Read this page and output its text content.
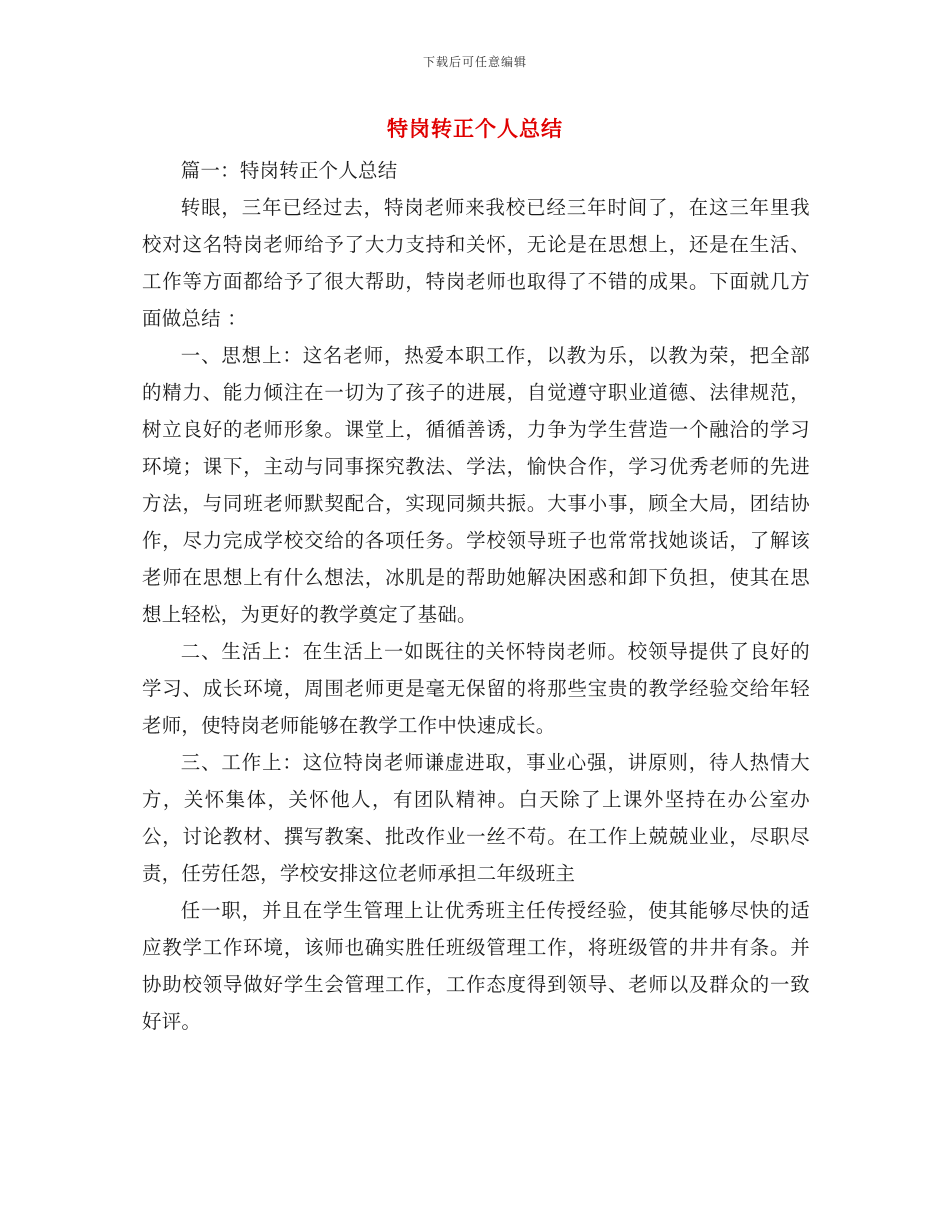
下载后可任意编辑
特岗转正个人总结

篇一：特岗转正个人总结

转眼，三年已经过去，特岗老师来我校已经三年时间了，在这三年里我校对这名特岗老师给予了大力支持和关怀，无论是在思想上，还是在生活、工作等方面都给予了很大帮助，特岗老师也取得了不错的成果。下面就几方面做总结 ：

一、思想上：这名老师，热爱本职工作，以教为乐，以教为荣，把全部的精力、能力倾注在一切为了孩子的进展，自觉遵守职业道德、法律规范，树立良好的老师形象。课堂上，循循善诱，力争为学生营造一个融洽的学习环境；课下，主动与同事探究教法、学法，愉快合作，学习优秀老师的先进方法，与同班老师默契配合，实现同频共振。大事小事，顾全大局，团结协作，尽力完成学校交给的各项任务。学校领导班子也常常找她谈话，了解该老师在思想上有什么想法，冰肌是的帮助她解决困惑和卸下负担，使其在思想上轻松，为更好的教学奠定了基础。

二、生活上：在生活上一如既往的关怀特岗老师。校领导提供了良好的学习、成长环境，周围老师更是毫无保留的将那些宝贵的教学经验交给年轻老师，使特岗老师能够在教学工作中快速成长。

三、工作上：这位特岗老师谦虚进取，事业心强，讲原则，待人热情大方，关怀集体，关怀他人，有团队精神。白天除了上课外坚持在办公室办公，讨论教材、撰写教案、批改作业一丝不苟。在工作上兢兢业业，尽职尽责，任劳任怨，学校安排这位老师承担二年级班主

任一职，并且在学生管理上让优秀班主任传授经验，使其能够尽快的适应教学工作环境，该师也确实胜任班级管理工作，将班级管的井井有条。并协助校领导做好学生会管理工作，工作态度得到领导、老师以及群众的一致好评。
